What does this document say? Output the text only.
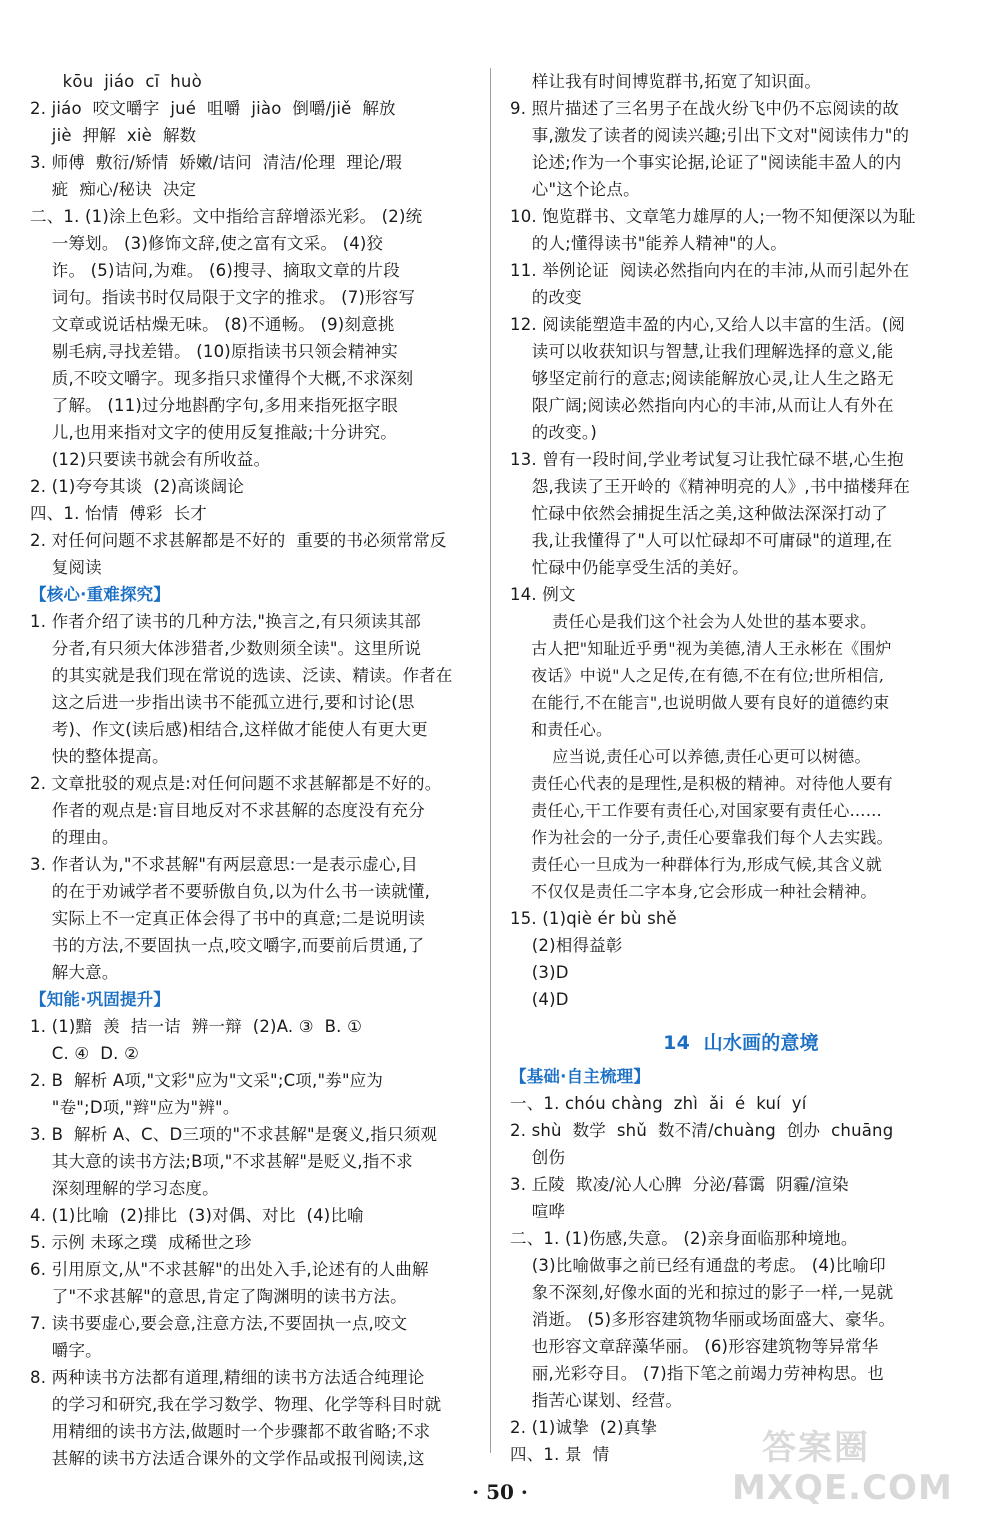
kōu  jiáo  cī  huò
2. jiáo  咬文嚼字  jué  咀嚼  jiào  倒嚼/jiě  解放
jiè  押解  xiè  解数
3. 师傅  敷衍/矫情  娇嫩/诘问  清洁/伦理  理论/瑕
疵  痴心/秘诀  决定
二、1. (1)涂上色彩。文中指给言辞增添光彩。 (2)统
一筹划。 (3)修饰文辞,使之富有文采。 (4)狡
诈。 (5)诘问,为难。 (6)搜寻、摘取文章的片段
词句。指读书时仅局限于文字的推求。 (7)形容写
文章或说话枯燥无味。 (8)不通畅。 (9)刻意挑
剔毛病,寻找差错。 (10)原指读书只领会精神实
质,不咬文嚼字。现多指只求懂得个大概,不求深刻
了解。 (11)过分地斟酌字句,多用来指死抠字眼
儿,也用来指对文字的使用反复推敲;十分讲究。
(12)只要读书就会有所收益。
2. (1)夸夸其谈  (2)高谈阔论
四、1. 怡情  傅彩  长才
2. 对任何问题不求甚解都是不好的  重要的书必须常常反
复阅读
【核心·重难探究】
1. 作者介绍了读书的几种方法,"换言之,有只须读其部
分者,有只须大体涉猎者,少数则须全读"。这里所说
的其实就是我们现在常说的选读、泛读、精读。作者在
这之后进一步指出读书不能孤立进行,要和讨论(思
考)、作文(读后感)相结合,这样做才能使人有更大更
快的整体提高。
2. 文章批驳的观点是:对任何问题不求甚解都是不好的。
作者的观点是:盲目地反对不求甚解的态度没有充分
的理由。
3. 作者认为,"不求甚解"有两层意思:一是表示虚心,目
的在于劝诫学者不要骄傲自负,以为什么书一读就懂,
实际上不一定真正体会得了书中的真意;二是说明读
书的方法,不要固执一点,咬文嚼字,而要前后贯通,了
解大意。
【知能·巩固提升】
1. (1)黯  羡  拮一诘  辨一辩  (2)A. ③  B. ①
C. ④  D. ②
2. B  解析 A项,"文彩"应为"文采";C项,"劵"应为
"卷";D项,"辫"应为"辨"。
3. B  解析 A、C、D三项的"不求甚解"是褒义,指只须观
其大意的读书方法;B项,"不求甚解"是贬义,指不求
深刻理解的学习态度。
4. (1)比喻  (2)排比  (3)对偶、对比  (4)比喻
5. 示例 未琢之璞  成稀世之珍
6. 引用原文,从"不求甚解"的出处入手,论述有的人曲解
了"不求甚解"的意思,肯定了陶渊明的读书方法。
7. 读书要虚心,要会意,注意方法,不要固执一点,咬文
嚼字。
8. 两种读书方法都有道理,精细的读书方法适合纯理论
的学习和研究,我在学习数学、物理、化学等科目时就
用精细的读书方法,做题时一个步骤都不敢省略;不求
甚解的读书方法适合课外的文学作品或报刊阅读,这
样让我有时间博览群书,拓宽了知识面。
9. 照片描述了三名男子在战火纷飞中仍不忘阅读的故
事,激发了读者的阅读兴趣;引出下文对"阅读伟力"的
论述;作为一个事实论据,论证了"阅读能丰盈人的内
心"这个论点。
10. 饱览群书、文章笔力雄厚的人;一物不知便深以为耻
的人;懂得读书"能养人精神"的人。
11. 举例论证  阅读必然指向内在的丰沛,从而引起外在
的改变
12. 阅读能塑造丰盈的内心,又给人以丰富的生活。(阅
读可以收获知识与智慧,让我们理解选择的意义,能
够坚定前行的意志;阅读能解放心灵,让人生之路无
限广阔;阅读必然指向内心的丰沛,从而让人有外在
的改变。)
13. 曾有一段时间,学业考试复习让我忙碌不堪,心生抱
怨,我读了王开岭的《精神明亮的人》,书中描楼拜在
忙碌中依然会捕捉生活之美,这种做法深深打动了
我,让我懂得了"人可以忙碌却不可庸碌"的道理,在
忙碌中仍能享受生活的美好。
14. 例文
责任心是我们这个社会为人处世的基本要求。
古人把"知耻近乎勇"视为美德,清人王永彬在《围炉
夜话》中说"人之足传,在有德,不在有位;世所相信,
在能行,不在能言",也说明做人要有良好的道德约束
和责任心。
应当说,责任心可以养德,责任心更可以树德。
责任心代表的是理性,是积极的精神。对待他人要有
责任心,干工作要有责任心,对国家要有责任心……
作为社会的一分子,责任心要靠我们每个人去实践。
责任心一旦成为一种群体行为,形成气候,其含义就
不仅仅是责任二字本身,它会形成一种社会精神。
15. (1)qiè ér bù shě
(2)相得益彰
(3)D
(4)D
14  山水画的意境
【基础·自主梳理】
一、1. chóu chàng  zhì  ǎi  é  kuí  yí
2. shù  数学  shǔ  数不清/chuàng  创办  chuāng
创伤
3. 丘陵  欺凌/沁人心脾  分泌/暮霭  阴霾/渲染
喧哗
二、1. (1)伤感,失意。 (2)亲身面临那种境地。
(3)比喻做事之前已经有通盘的考虑。 (4)比喻印
象不深刻,好像水面的光和掠过的影子一样,一晃就
消逝。 (5)多形容建筑物华丽或场面盛大、豪华。
也形容文章辞藻华丽。 (6)形容建筑物等异常华
丽,光彩夺目。 (7)指下笔之前竭力劳神构思。也
指苦心谋划、经营。
2. (1)诚挚  (2)真挚
四、1. 景  情
· 50 ·
答案圈
MXQE.COM
